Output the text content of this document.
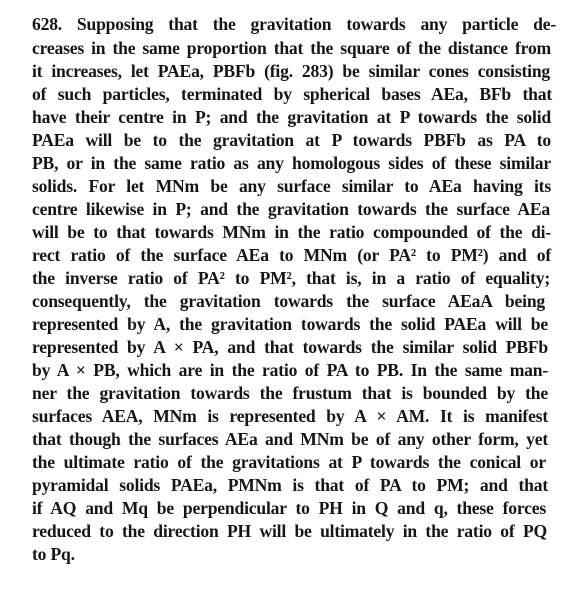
628. Supposing that the gravitation towards any particle de-
creases in the same proportion that the square of the distance from
it increases, let PAEa, PBFb (fig. 283) be similar cones consisting
of such particles, terminated by spherical bases AEa, BFb that
have their centre in P; and the gravitation at P towards the solid
PAEa will be to the gravitation at P towards PBFb as PA to
PB, or in the same ratio as any homologous sides of these similar
solids. For let MNm be any surface similar to AEa having its
centre likewise in P; and the gravitation towards the surface AEa
will be to that towards MNm in the ratio compounded of the di-
rect ratio of the surface AEa to MNm (or PA² to PM²) and of
the inverse ratio of PA² to PM², that is, in a ratio of equality;
consequently, the gravitation towards the surface AEaA being
represented by A, the gravitation towards the solid PAEa will be
represented by A × PA, and that towards the similar solid PBFb
by A × PB, which are in the ratio of PA to PB. In the same man-
ner the gravitation towards the frustum that is bounded by the
surfaces AEA, MNm is represented by A × AM. It is manifest
that though the surfaces AEa and MNm be of any other form, yet
the ultimate ratio of the gravitations at P towards the conical or
pyramidal solids PAEa, PMNm is that of PA to PM; and that
if AQ and Mq be perpendicular to PH in Q and q, these forces
reduced to the direction PH will be ultimately in the ratio of PQ
to Pq.
